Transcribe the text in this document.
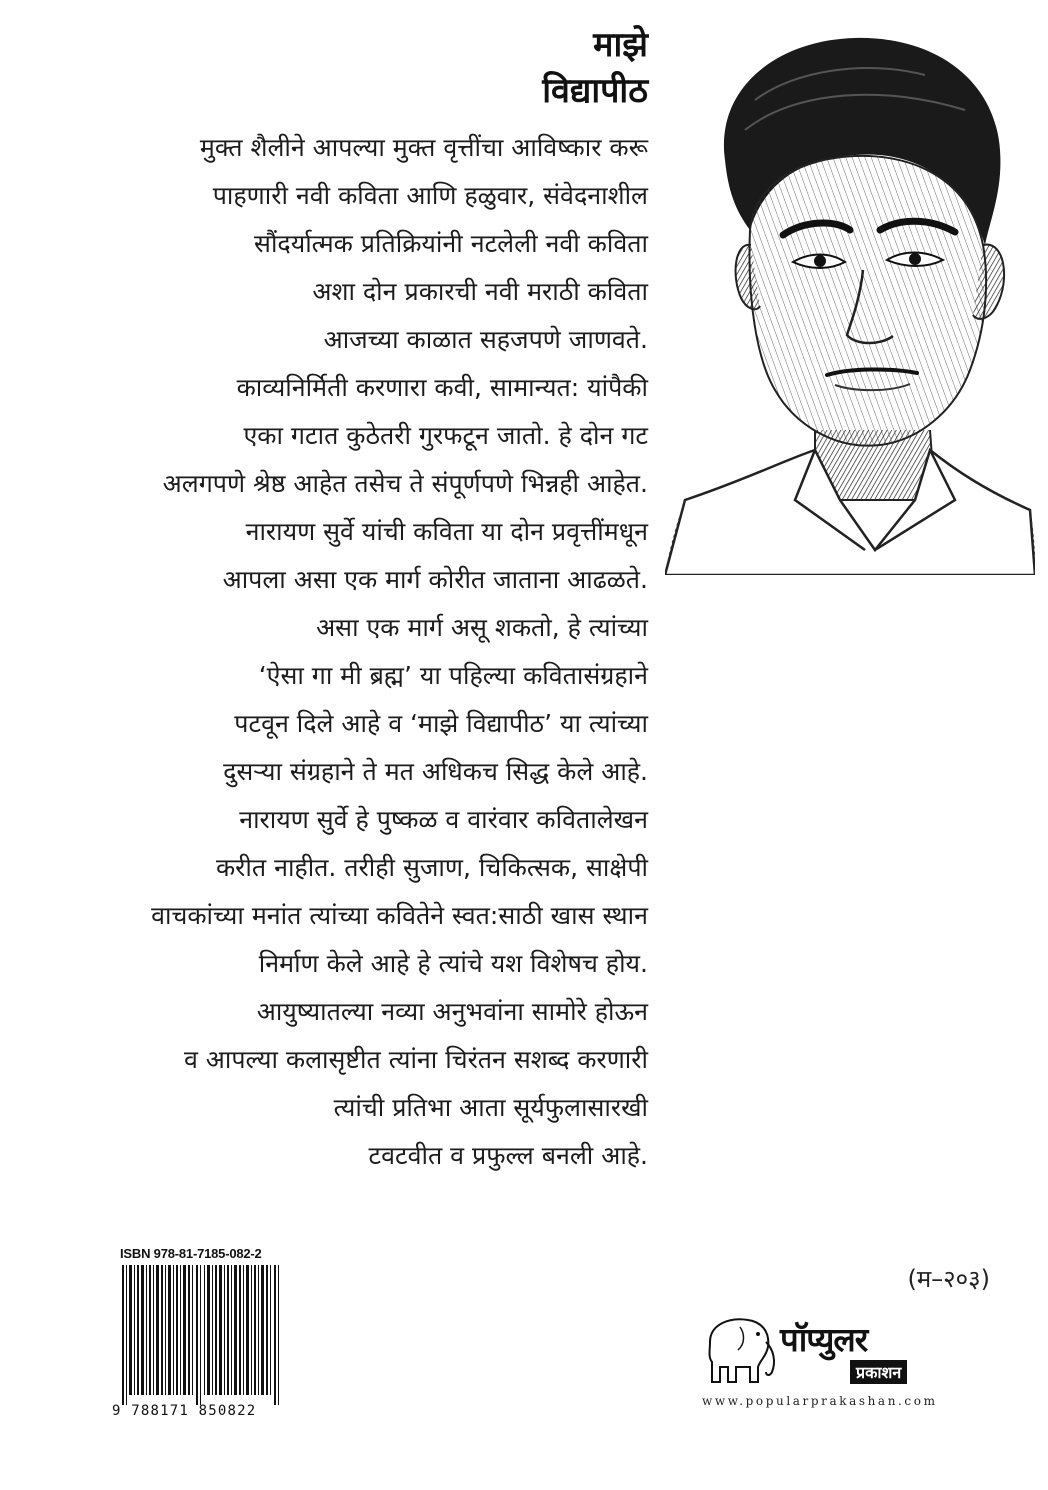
माझे
विद्यापीठ
मुक्त शैलीने आपल्या मुक्त वृत्तींचा आविष्कार करू
पाहणारी नवी कविता आणि हळुवार, संवेदनाशील
सौंदर्यात्मक प्रतिक्रियांनी नटलेली नवी कविता
अशा दोन प्रकारची नवी मराठी कविता
आजच्या काळात सहजपणे जाणवते.
काव्यनिर्मिती करणारा कवी, सामान्यत: यांपैकी
एका गटात कुठेतरी गुरफटून जातो. हे दोन गट
अलगपणे श्रेष्ठ आहेत तसेच ते संपूर्णपणे भिन्नही आहेत.
नारायण सुर्वे यांची कविता या दोन प्रवृत्तींमधून
आपला असा एक मार्ग कोरीत जाताना आढळते.
असा एक मार्ग असू शकतो, हे त्यांच्या
‘ऐसा गा मी ब्रह्म’ या पहिल्या कवितासंग्रहाने
पटवून दिले आहे व ‘माझे विद्यापीठ’ या त्यांच्या
दुसऱ्या संग्रहाने ते मत अधिकच सिद्ध केले आहे.
नारायण सुर्वे हे पुष्कळ व वारंवार कवितालेखन
करीत नाहीत. तरीही सुजाण, चिकित्सक, साक्षेपी
वाचकांच्या मनांत त्यांच्या कवितेने स्वत:साठी खास स्थान
निर्माण केले आहे हे त्यांचे यश विशेषच होय.
आयुष्यातल्या नव्या अनुभवांना सामोरे होऊन
व आपल्या कलासृष्टीत त्यांना चिरंतन सशब्द करणारी
त्यांची प्रतिभा आता सूर्यफुलासारखी
टवटवीत व प्रफुल्ल बनली आहे.
ISBN 978-81-7185-082-2
9 788171 850822
(म–२०३)
पॉप्युलर
प्रकाशन
www.popularprakashan.com
